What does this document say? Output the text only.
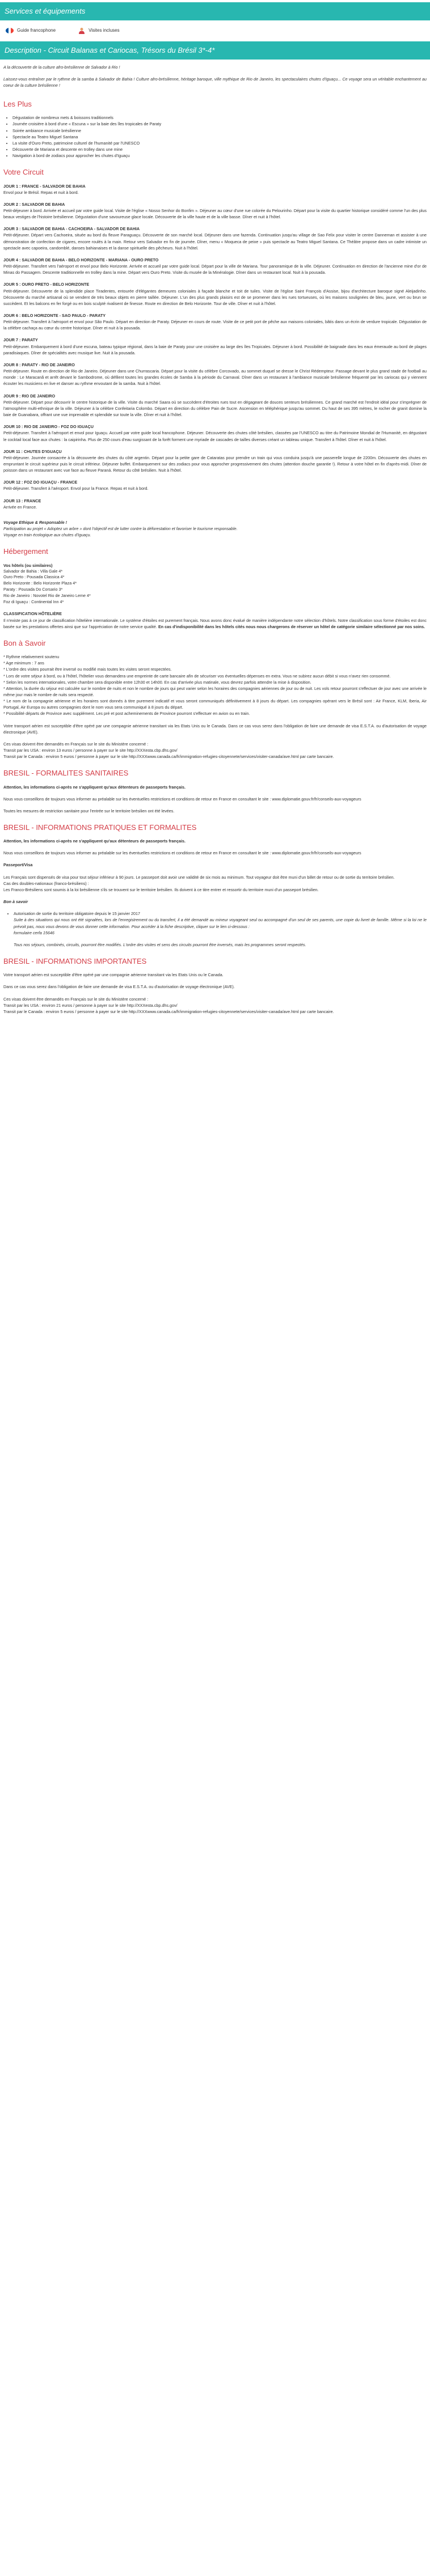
Services et équipements
Guide francophone	Visites incluses
Description - Circuit Balanas et Cariocas, Trésors du Brésil 3*-4*

A la découverte de la culture afro-brésilienne de Salvador à Rio !

Laissez-vous entraîner par le rythme de la samba à Salvador de Bahia ! Culture afro-brésilienne, héritage baroque, ville mythique de Rio de Janeiro, les spectaculaires chutes d'Iguaçu... Ce voyage sera un véritable enchantement au coeur de la culture brésilienne !

Les Plus
• Dégustation de nombreux mets & boissons traditionnels
• Journée croisière à bord d'une « Escuna » sur la baie des îles tropicales de Paraty
• Soirée ambiance musicale brésilienne
• Spectacle au Teatro Miguel Santana
• La visite d'Ouro Preto, patrimoine culturel de l'humanité par l'UNESCO
• Découverte de Mariana et descente en trolley dans une mine
• Navigation à bord de zodiacs pour approcher les chutes d'Iguaçu
Votre Circuit
JOUR 1 : FRANCE - SALVADOR DE BAHIA
Envol pour le Brésil. Repas et nuit à bord.
JOUR 2 : SALVADOR DE BAHIA
Petit-déjeuner à bord. Arrivée et accueil par votre guide local. Visite de l'église « Nosso Senhor do Bonfim ». Déjeuner au cœur d'une rue colorée du Pelourinho. Départ pour la visite du quartier historique considéré comme l'un des plus beaux vestiges de l'histoire brésilienne. Dégustation d'une savoureuse glace locale. Découverte de la ville haute et de la ville basse. Dîner et nuit à l'hôtel.
JOUR 3 : SALVADOR DE BAHIA - CACHOEIRA - SALVADOR DE BAHIA
Petit-déjeuner. Départ vers Cachoeira, située au bord du fleuve Paraguaçu. Découverte de son marché local. Déjeuner dans une fazenda. Continuation jusqu'au village de Sao Felix pour visiter le centre Danneman et assister à une démonstration de confection de cigares, encore roulés à la main. Retour vers Salvador en fin de journée. Dîner, menu « Moqueca de peixe » puis spectacle au Teatro Miguel Santana. Ce Théâtre propose dans un cadre intimiste un spectacle avec capoeira, candomblé, danses bahianaises et la danse spirituelle des pêcheurs. Nuit à l'hôtel.
JOUR 4 : SALVADOR DE BAHIA - BELO HORIZONTE - MARIANA - OURO PRETO
Petit-déjeuner. Transfert vers l'aéroport et envol pour Belo Horizonte. Arrivée et accueil par votre guide local. Départ pour la ville de Mariana. Tour panoramique de la ville. Déjeuner. Continuation en direction de l'ancienne mine d'or de Minas do Passagem. Descente traditionnelle en trolley dans la mine. Départ vers Ouro Preto. Visite du musée de la Minéralogie. Dîner dans un restaurant local. Nuit à la pousada.
JOUR 5 : OURO PRETO - BELO HORIZONTE
Petit-déjeuner. Découverte de la splendide place Tiradentes, entourée d'élégantes demeures coloniales à façade blanche et toit de tuiles. Visite de l'église Saint François d'Assise, bijou d'architecture baroque signé Aleijadinho. Découverte du marché artisanal où se vendent de très beaux objets en pierre taillée. Déjeuner. L'un des plus grands plaisirs est de se promener dans les rues tortueuses, où les maisons soulignées de bleu, jaune, vert ou brun se succèdent. Et les balcons en fer forgé ou en bois sculpté rivalisent de finesse. Route en direction de Belo Horizonte. Tour de ville. Dîner et nuit à l'hôtel.
JOUR 6 : BELO HORIZONTE - SAO PAULO - PARATY
Petit-déjeuner. Transfert à l'aéroport et envol pour São Paulo. Départ en direction de Paraty. Déjeuner en cours de route. Visite de ce petit port de pêche aux maisons coloniales, bâtis dans un écrin de verdure tropicale. Dégustation de la célèbre cachaça au cœur du centre historique. Dîner et nuit à la pousada.
JOUR 7 : PARATY
Petit-déjeuner. Embarquement à bord d'une escuna, bateau typique régional, dans la baie de Paraty pour une croisière au large des îles Tropicales. Déjeuner à bord. Possibilité de baignade dans les eaux émeraude au bord de plages paradisiaques. Dîner de spécialités avec musique live. Nuit à la pousada.
JOUR 8 : PARATY - RIO DE JANEIRO
Petit-déjeuner. Route en direction de Rio de Janeiro. Déjeuner dans une Churrascaria. Départ pour la visite du célèbre Corcovado, au sommet duquel se dresse le Christ Rédempteur. Passage devant le plus grand stade de football au monde : Le Maracanã et arrêt devant le Sambodrome, où défilent toutes les grandes écoles de Samba à la période du Carnaval. Dîner dans un restaurant à l'ambiance musicale brésilienne fréquenté par les cariocas qui y viennent écouter les musiciens en live et danser au rythme envoutant de la samba. Nuit à l'hôtel.
JOUR 9 : RIO DE JANEIRO
Petit-déjeuner. Départ pour découvrir le centre historique de la ville. Visite du marché Saara où se succèdent d'étroites rues tout en dégageant de douces senteurs brésiliennes. Ce grand marché est l'endroit idéal pour s'imprégner de l'atmosphère multi-ethnique de la ville. Déjeuner à la célèbre Confeitaria Colombo. Départ en direction du célèbre Pain de Sucre. Ascension en téléphérique jusqu'au sommet. Du haut de ses 395 mètres, le rocher de granit domine la baie de Guanabara, offrant une vue imprenable et splendide sur toute la ville. Dîner et nuit à l'hôtel.
JOUR 10 : RIO DE JANEIRO - FOZ DO IGUAÇU
Petit-déjeuner. Transfert à l'aéroport et envol pour Iguaçu. Accueil par votre guide local francophone. Déjeuner. Découverte des chutes côté brésilien, classées par l'UNESCO au titre du Patrimoine Mondial de l'Humanité, en dégustant le cocktail local face aux chutes : la caipirinha. Plus de 250 cours d'eau surgissant de la forêt forment une myriade de cascades de tailles diverses créant un tableau unique. Transfert à l'hôtel. Dîner et nuit à l'hôtel.
JOUR 11 : CHUTES D'IGUAÇU
Petit-déjeuner. Journée consacrée à la découverte des chutes du côté argentin. Départ pour la petite gare de Cataratas pour prendre un train qui vous conduira jusqu'à une passerelle longue de 2200m. Découverte des chutes en empruntant le circuit supérieur puis le circuit inférieur. Déjeuner buffet. Embarquement sur des zodiacs pour vous approcher progressivement des chutes (attention douche garantie !). Retour à votre hôtel en fin d'après-midi. Dîner de poisson dans un restaurant avec vue face au fleuve Paraná. Retour du côté brésilien. Nuit à l'hôtel.
JOUR 12 : FOZ DO IGUAÇU - FRANCE
Petit-déjeuner. Transfert à l'aéroport. Envol pour la France. Repas et nuit à bord.
JOUR 13 : FRANCE
Arrivée en France.
Voyage Ethique & Responsable !
Participation au projet « Adoptez un arbre » dont l'objectif est de lutter contre la déforestation et favoriser le tourisme responsable.
Voyage en train écologique aux chutes d'Iguaçu.
Hébergement
Vos hôtels (ou similaires)
Salvador de Bahia : Villa Gale 4*
Ouro Preto : Pousada Classica 4*
Belo Horizonte : Belo Horizonte Plaza 4*
Paraty : Pousada Do Corsario 3*
Rio de Janeiro : Novotel Rio de Janeiro Leme 4*
Foz di Iguaçu : Continental Inn 4*
CLASSIFICATION HÔTELIÈRE
Il n'existe pas à ce jour de classification hôtelière internationale. Le système d'étoiles est purement français. Nous avons donc évalué de manière indépendante notre sélection d'hôtels. Notre classification sous forme d'étoiles est donc basée sur les prestations offertes ainsi que sur l'appréciation de notre service qualité. En cas d'indisponibilité dans les hôtels cités nous nous chargerons de réserver un hôtel de catégorie similaire sélectionné par nos soins.
Bon à Savoir
* Rythme relativement soutenu
* Age minimum : 7 ans
* L'ordre des visites pourrait être inversé ou modifié mais toutes les visites seront respectées.
* Lors de votre séjour à bord, ou à l'hôtel, l'hôtelier vous demandera une empreinte de carte bancaire afin de sécuriser vos éventuelles dépenses en extra. Vous ne subirez aucun débit si vous n'avez rien consommé.
* Selon les normes internationales, votre chambre sera disponible entre 12h30 et 14h00. En cas d'arrivée plus matinale, vous devrez parfois attendre la mise à disposition.
* Attention, la durée du séjour est calculée sur le nombre de nuits et non le nombre de jours qui peut varier selon les horaires des compagnies aériennes de jour ou de nuit. Les vols retour pourront s'effectuer de jour avec une arrivée le même jour mais le nombre de nuits sera respecté.
* Le nom de la compagnie aérienne et les horaires sont donnés à titre purement indicatif et vous seront communiqués définitivement à 8 jours du départ. Les compagnies opérant vers le Brésil sont : Air France, KLM, Iberia, Air Portugal, Air Europa ou autres compagnies dont le nom vous sera communiqué à 8 jours du départ.
* Possibilité départs de Province avec supplément. Les pré et post acheminements de Province pourront s'effectuer en avion ou en train.
Votre transport aérien est susceptible d'être opéré par une compagnie aérienne transitant via les Etats Unis ou le Canada. Dans ce cas vous serez dans l'obligation de faire une demande de visa E.S.T.A. ou d'autorisation de voyage électronique (AVE).
Ces visas doivent être demandés en Français sur le site du Ministère concerné :
Transit par les USA : environ 13 euros / personne à payer sur le site http://XXXesta.cbp.dhs.gov/
Transit par le Canada : environ 5 euros / personne à payer sur le site http://XXXwww.canada.ca/fr/immigration-refugies-citoyennete/services/visiter-canada/ave.html par carte bancaire.
BRESIL - FORMALITES SANITAIRES
Attention, les informations ci-après ne s'appliquent qu'aux détenteurs de passeports français.
Nous vous conseillons de toujours vous informer au préalable sur les éventuelles restrictions et conditions de retour en France en consultant le site : www.diplomatie.gouv.fr/fr/conseils-aux-voyageurs
Toutes les mesures de restriction sanitaire pour l'entrée sur le territoire brésilien ont été levées.
BRESIL - INFORMATIONS PRATIQUES ET FORMALITES
Attention, les informations ci-après ne s'appliquent qu'aux détenteurs de passeports français.
Nous vous conseillons de toujours vous informer au préalable sur les éventuelles restrictions et conditions de retour en France en consultant le site : www.diplomatie.gouv.fr/fr/conseils-aux-voyageurs
Passeport/Visa
Les Français sont dispensés de visa pour tout séjour inférieur à 90 jours. Le passeport doit avoir une validité de six mois au minimum. Tout voyageur doit être muni d'un billet de retour ou de sortie du territoire brésilien.
Cas des doubles-nationaux (franco-brésiliens) :
Les Franco-Brésiliens sont soumis à la loi brésilienne s'ils se trouvent sur le territoire brésilien. Ils doivent à ce titre entrer et ressortir du territoire muni d'un passeport brésilien.
Bon à savoir
• Autorisation de sortie du territoire obligatoire depuis le 15 janvier 2017
Suite à des situations qui nous ont été signalées, lors de l'enregistrement ou du transfert, il a été demandé au mineur voyageant seul ou accompagné d'un seul de ses parents, une copie du livret de famille. Même si la loi ne le prévoit pas, nous vous devons de vous donner cette information. Pour accéder à la fiche descriptive, cliquer sur le lien ci-dessous :
formulaire cerfa 15646
Tous nos séjours, combinés, circuits, pourront être modifiés. L'ordre des visites et sens des circuits pourront être inversés, mais les programmes seront respectés.
BRESIL - INFORMATIONS IMPORTANTES
Votre transport aérien est susceptible d'être opéré par une compagnie aérienne transitant via les Etats Unis ou le Canada.
Dans ce cas vous serez dans l'obligation de faire une demande de visa E.S.T.A. ou d'autorisation de voyage électronique (AVE).
Ces visas doivent être demandés en Français sur le site du Ministère concerné :
Transit par les USA : environ 21 euros / personne à payer sur le site http://XXXesta.cbp.dhs.gov/
Transit par le Canada : environ 5 euros / personne à payer sur le site http://XXXwww.canada.ca/fr/immigration-refugies-citoyennete/services/visiter-canada/ave.html par carte bancaire.
